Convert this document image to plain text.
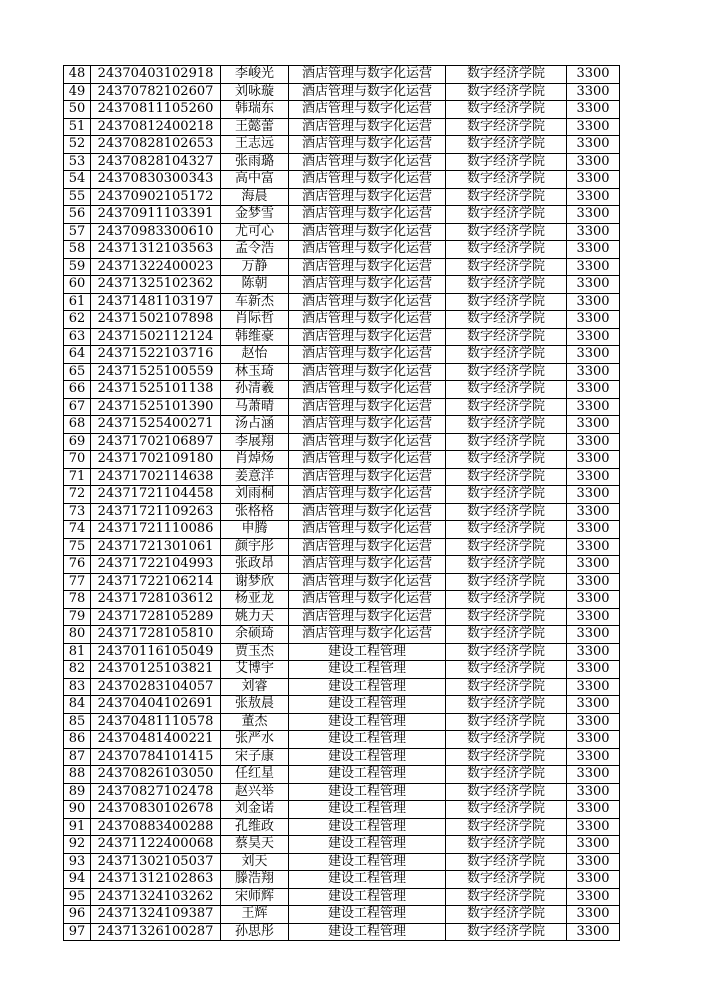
48	24370403102918	李峻光	酒店管理与数字化运营	数字经济学院	3300
49	24370782102607	刘咏璇	酒店管理与数字化运营	数字经济学院	3300
50	24370811105260	韩瑞东	酒店管理与数字化运营	数字经济学院	3300
51	24370812400218	王懿蕾	酒店管理与数字化运营	数字经济学院	3300
52	24370828102653	王志远	酒店管理与数字化运营	数字经济学院	3300
53	24370828104327	张雨璐	酒店管理与数字化运营	数字经济学院	3300
54	24370830300343	高中富	酒店管理与数字化运营	数字经济学院	3300
55	24370902105172	海晨	酒店管理与数字化运营	数字经济学院	3300
56	24370911103391	金梦雪	酒店管理与数字化运营	数字经济学院	3300
57	24370983300610	尤可心	酒店管理与数字化运营	数字经济学院	3300
58	24371312103563	孟令浩	酒店管理与数字化运营	数字经济学院	3300
59	24371322400023	万静	酒店管理与数字化运营	数字经济学院	3300
60	24371325102362	陈朝	酒店管理与数字化运营	数字经济学院	3300
61	24371481103197	车新杰	酒店管理与数字化运营	数字经济学院	3300
62	24371502107898	肖际哲	酒店管理与数字化运营	数字经济学院	3300
63	24371502112124	韩维豪	酒店管理与数字化运营	数字经济学院	3300
64	24371522103716	赵怡	酒店管理与数字化运营	数字经济学院	3300
65	24371525100559	林玉琦	酒店管理与数字化运营	数字经济学院	3300
66	24371525101138	孙清羲	酒店管理与数字化运营	数字经济学院	3300
67	24371525101390	马萧晴	酒店管理与数字化运营	数字经济学院	3300
68	24371525400271	汤占涵	酒店管理与数字化运营	数字经济学院	3300
69	24371702106897	李展翔	酒店管理与数字化运营	数字经济学院	3300
70	24371702109180	肖焯炀	酒店管理与数字化运营	数字经济学院	3300
71	24371702114638	姜意洋	酒店管理与数字化运营	数字经济学院	3300
72	24371721104458	刘雨桐	酒店管理与数字化运营	数字经济学院	3300
73	24371721109263	张格格	酒店管理与数字化运营	数字经济学院	3300
74	24371721110086	申腾	酒店管理与数字化运营	数字经济学院	3300
75	24371721301061	颜宇彤	酒店管理与数字化运营	数字经济学院	3300
76	24371722104993	张政昂	酒店管理与数字化运营	数字经济学院	3300
77	24371722106214	谢梦欣	酒店管理与数字化运营	数字经济学院	3300
78	24371728103612	杨亚龙	酒店管理与数字化运营	数字经济学院	3300
79	24371728105289	姚力天	酒店管理与数字化运营	数字经济学院	3300
80	24371728105810	余硕琦	酒店管理与数字化运营	数字经济学院	3300
81	24370116105049	贾玉杰	建设工程管理	数字经济学院	3300
82	24370125103821	艾博宇	建设工程管理	数字经济学院	3300
83	24370283104057	刘睿	建设工程管理	数字经济学院	3300
84	24370404102691	张敖晨	建设工程管理	数字经济学院	3300
85	24370481110578	董杰	建设工程管理	数字经济学院	3300
86	24370481400221	张严水	建设工程管理	数字经济学院	3300
87	24370784101415	宋子康	建设工程管理	数字经济学院	3300
88	24370826103050	任红星	建设工程管理	数字经济学院	3300
89	24370827102478	赵兴举	建设工程管理	数字经济学院	3300
90	24370830102678	刘金诺	建设工程管理	数字经济学院	3300
91	24370883400288	孔维政	建设工程管理	数字经济学院	3300
92	24371122400068	蔡昊天	建设工程管理	数字经济学院	3300
93	24371302105037	刘天	建设工程管理	数字经济学院	3300
94	24371312102863	滕浩翔	建设工程管理	数字经济学院	3300
95	24371324103262	宋师辉	建设工程管理	数字经济学院	3300
96	24371324109387	王辉	建设工程管理	数字经济学院	3300
97	24371326100287	孙思彤	建设工程管理	数字经济学院	3300
